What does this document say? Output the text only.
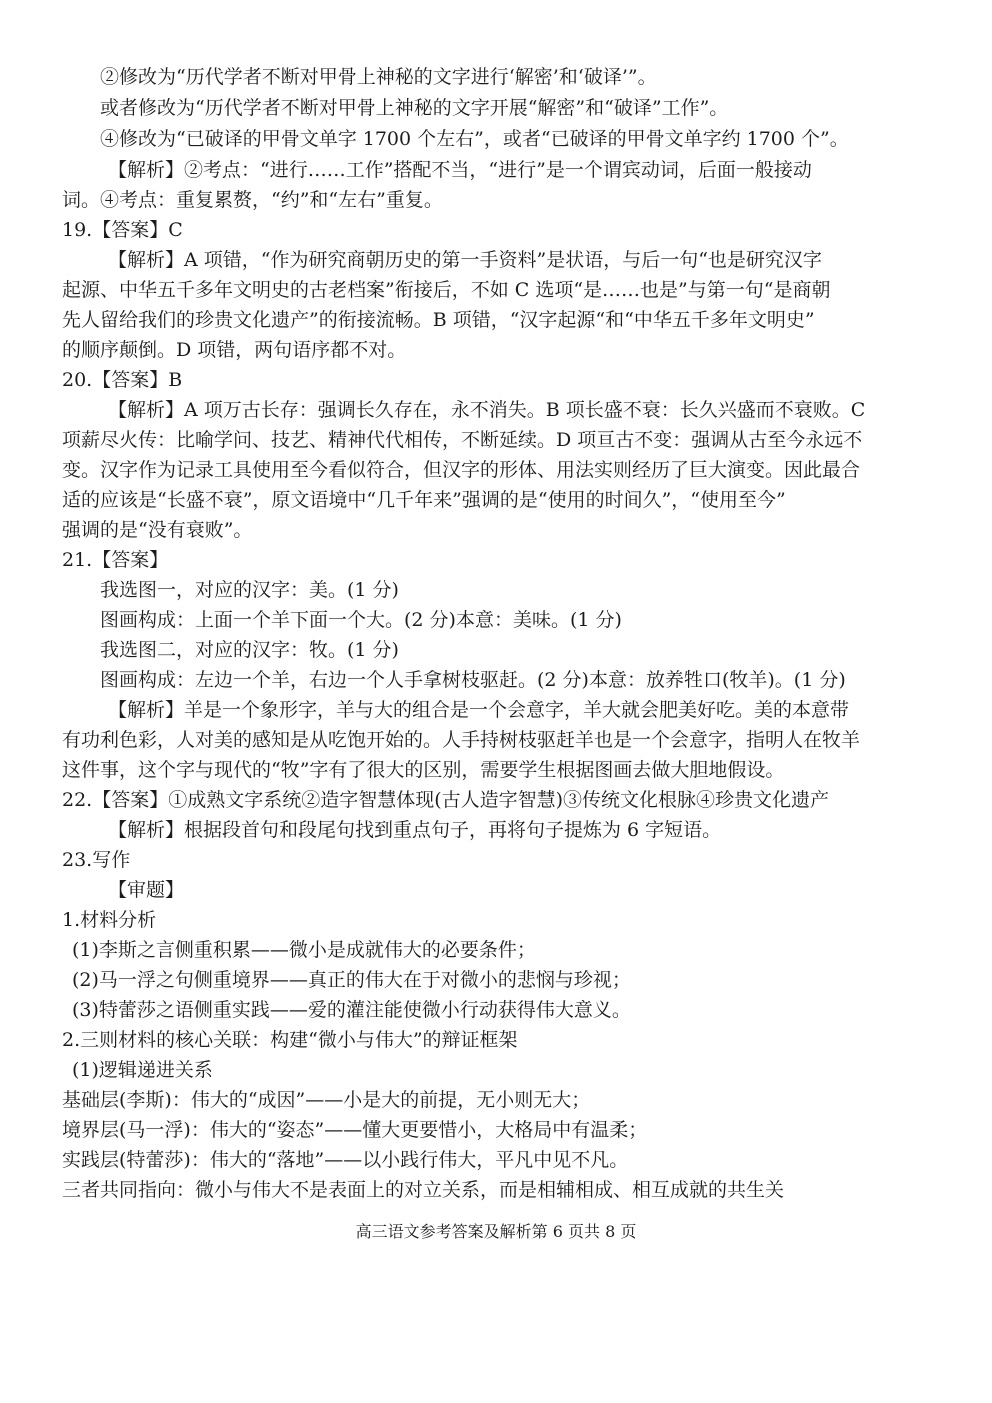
②修改为“历代学者不断对甲骨上神秘的文字进行‘解密’和‘破译’”。
或者修改为“历代学者不断对甲骨上神秘的文字开展“解密”和“破译”工作”。
④修改为“已破译的甲骨文单字 1700 个左右”，或者“已破译的甲骨文单字约 1700 个”。
【解析】②考点：“进行……工作”搭配不当，“进行”是一个谓宾动词，后面一般接动
词。④考点：重复累赘，“约”和“左右”重复。
19.【答案】C
【解析】A 项错，“作为研究商朝历史的第一手资料”是状语，与后一句“也是研究汉字
起源、中华五千多年文明史的古老档案”衔接后，不如 C 选项“是……也是”与第一句“是商朝
先人留给我们的珍贵文化遗产”的衔接流畅。B 项错，“汉字起源“和“中华五千多年文明史”
的顺序颠倒。D 项错，两句语序都不对。
20.【答案】B
【解析】A 项万古长存：强调长久存在，永不消失。B 项长盛不衰：长久兴盛而不衰败。C
项薪尽火传：比喻学问、技艺、精神代代相传，不断延续。D 项亘古不变：强调从古至今永远不
变。汉字作为记录工具使用至今看似符合，但汉字的形体、用法实则经历了巨大演变。因此最合
适的应该是“长盛不衰”，原文语境中“几千年来”强调的是“使用的时间久”，“使用至今”
强调的是“没有衰败”。
21.【答案】
我选图一，对应的汉字：美。(1 分)
图画构成：上面一个羊下面一个大。(2 分)本意：美味。(1 分)
我选图二，对应的汉字：牧。(1 分)
图画构成：左边一个羊，右边一个人手拿树枝驱赶。(2 分)本意：放养牲口(牧羊)。(1 分)
【解析】羊是一个象形字，羊与大的组合是一个会意字，羊大就会肥美好吃。美的本意带
有功利色彩，人对美的感知是从吃饱开始的。人手持树枝驱赶羊也是一个会意字，指明人在牧羊
这件事，这个字与现代的“牧”字有了很大的区别，需要学生根据图画去做大胆地假设。
22.【答案】①成熟文字系统②造字智慧体现(古人造字智慧)③传统文化根脉④珍贵文化遗产
【解析】根据段首句和段尾句找到重点句子，再将句子提炼为 6 字短语。
23.写作
【审题】
1.材料分析
(1)李斯之言侧重积累——微小是成就伟大的必要条件；
(2)马一浮之句侧重境界——真正的伟大在于对微小的悲悯与珍视；
(3)特蕾莎之语侧重实践——爱的灌注能使微小行动获得伟大意义。
2.三则材料的核心关联：构建“微小与伟大”的辩证框架
(1)逻辑递进关系
基础层(李斯)：伟大的“成因”——小是大的前提，无小则无大；
境界层(马一浮)：伟大的“姿态”——懂大更要惜小，大格局中有温柔；
实践层(特蕾莎)：伟大的“落地”——以小践行伟大，平凡中见不凡。
三者共同指向：微小与伟大不是表面上的对立关系，而是相辅相成、相互成就的共生关
高三语文参考答案及解析第 6 页共 8 页
